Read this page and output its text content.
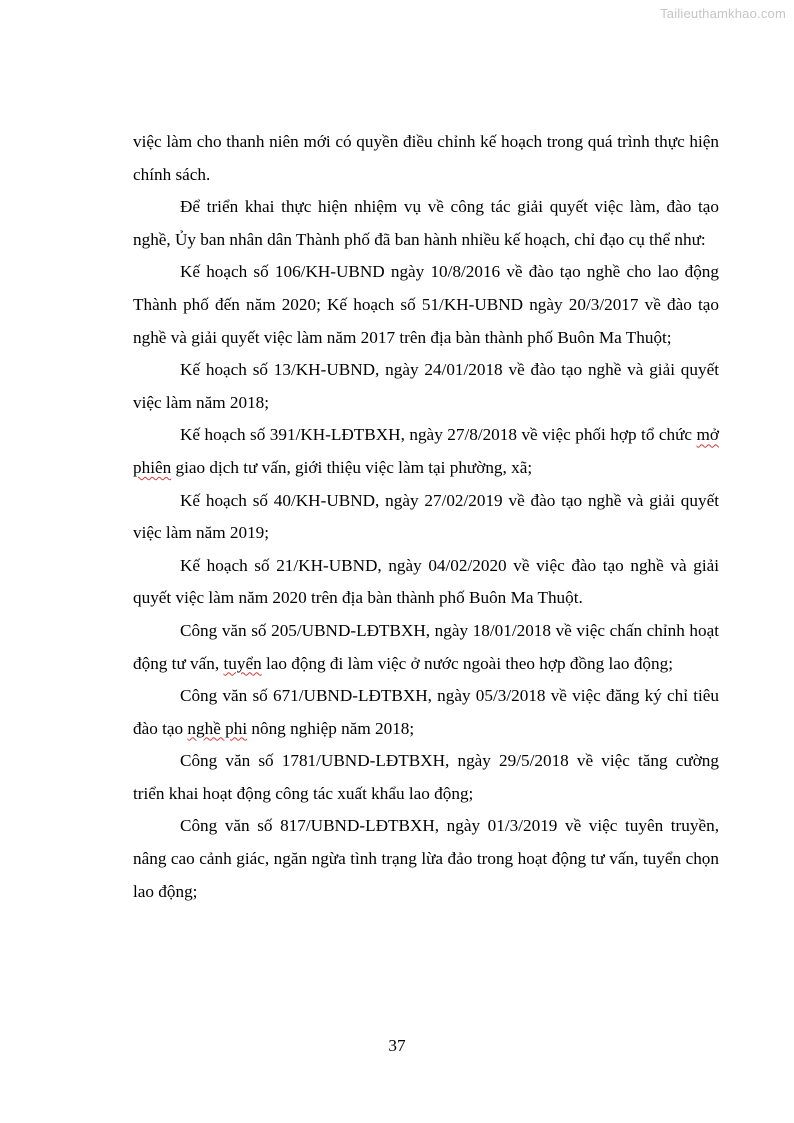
Tailieuthamkhao.com

việc làm cho thanh niên mới có quyền điều chỉnh kế hoạch trong quá trình thực hiện chính sách.

Để triển khai thực hiện nhiệm vụ về công tác giải quyết việc làm, đào tạo nghề, Ủy ban nhân dân Thành phố đã ban hành nhiều kế hoạch, chỉ đạo cụ thể như:

Kế hoạch số 106/KH-UBND ngày 10/8/2016 về đào tạo nghề cho lao động Thành phố đến năm 2020; Kế hoạch số 51/KH-UBND ngày 20/3/2017 về đào tạo nghề và giải quyết việc làm năm 2017 trên địa bàn thành phố Buôn Ma Thuột;

Kế hoạch số 13/KH-UBND, ngày 24/01/2018 về đào tạo nghề và giải quyết việc làm năm 2018;

Kế hoạch số 391/KH-LĐTBXH, ngày 27/8/2018 về việc phối hợp tổ chức mở phiên giao dịch tư vấn, giới thiệu việc làm tại phường, xã;

Kế hoạch số 40/KH-UBND, ngày 27/02/2019 về đào tạo nghề và giải quyết việc làm năm 2019;

Kế hoạch số 21/KH-UBND, ngày 04/02/2020 về việc đào tạo nghề và giải quyết việc làm năm 2020 trên địa bàn thành phố Buôn Ma Thuột.

Công văn số 205/UBND-LĐTBXH, ngày 18/01/2018 về việc chấn chỉnh hoạt động tư vấn, tuyển lao động đi làm việc ở nước ngoài theo hợp đồng lao động;

Công văn số 671/UBND-LĐTBXH, ngày 05/3/2018 về việc đăng ký chỉ tiêu đào tạo nghề phi nông nghiệp năm 2018;

Công văn số 1781/UBND-LĐTBXH, ngày 29/5/2018 về việc tăng cường triển khai hoạt động công tác xuất khẩu lao động;

Công văn số 817/UBND-LĐTBXH, ngày 01/3/2019 về việc tuyên truyền, nâng cao cảnh giác, ngăn ngừa tình trạng lừa đảo trong hoạt động tư vấn, tuyển chọn lao động;

37
